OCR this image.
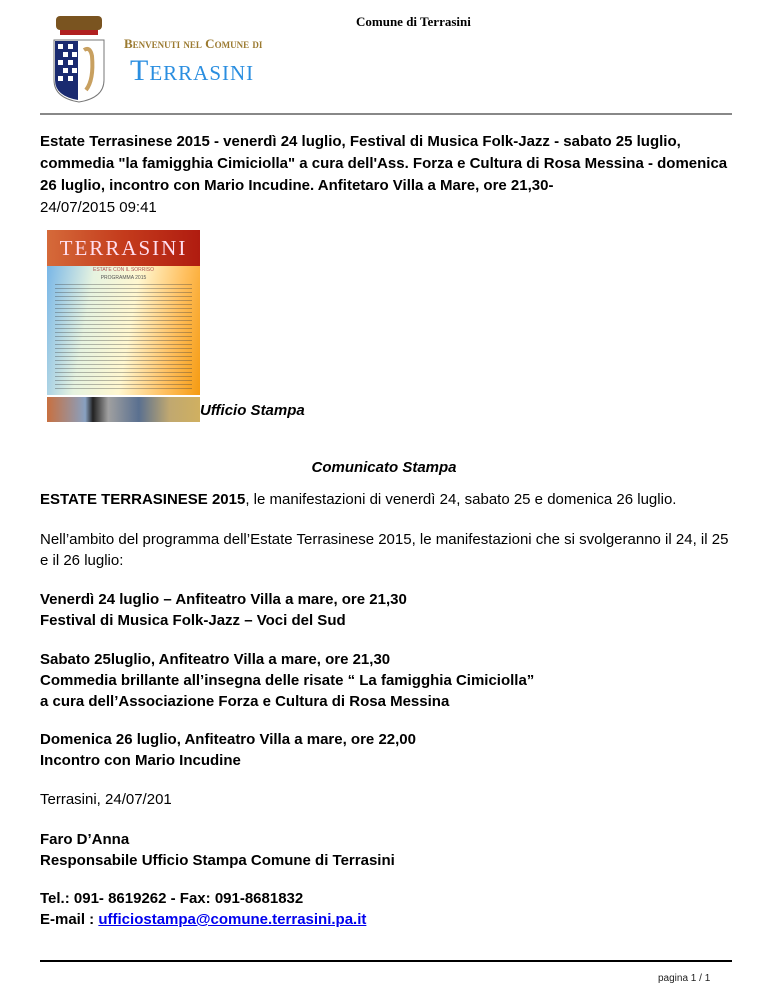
Comune di Terrasini
Benvenuti nel Comune di
Terrasini
Estate Terrasinese 2015 - venerdì 24 luglio, Festival di Musica Folk-Jazz - sabato 25 luglio, commedia "la famigghia Cimiciolla" a cura dell'Ass. Forza e Cultura di Rosa Messina - domenica 26 luglio, incontro con Mario Incudine. Anfitetaro Villa a Mare, ore 21,30-
24/07/2015 09:41
TERRASINI
ESTATE CON IL SORRISO
PROGRAMMA 2015
Ufficio Stampa
Comunicato Stampa
ESTATE TERRASINESE 2015, le manifestazioni di venerdì 24, sabato 25 e domenica 26 luglio.
Nell’ambito del programma dell’Estate Terrasinese 2015, le manifestazioni che si svolgeranno il 24, il 25 e il 26 luglio:
Venerdì 24 luglio – Anfiteatro Villa a mare, ore 21,30
Festival di Musica Folk-Jazz – Voci del Sud
Sabato 25luglio, Anfiteatro Villa a mare, ore 21,30
Commedia brillante all’insegna delle risate “ La famigghia Cimiciolla”
a cura dell’Associazione Forza e Cultura di Rosa Messina
Domenica 26 luglio, Anfiteatro Villa a mare, ore 22,00
Incontro con Mario Incudine
Terrasini, 24/07/201
Faro D’Anna
Responsabile Ufficio Stampa Comune di Terrasini
Tel.: 091- 8619262 - Fax: 091-8681832
E-mail : ufficiostampa@comune.terrasini.pa.it
pagina 1 / 1
